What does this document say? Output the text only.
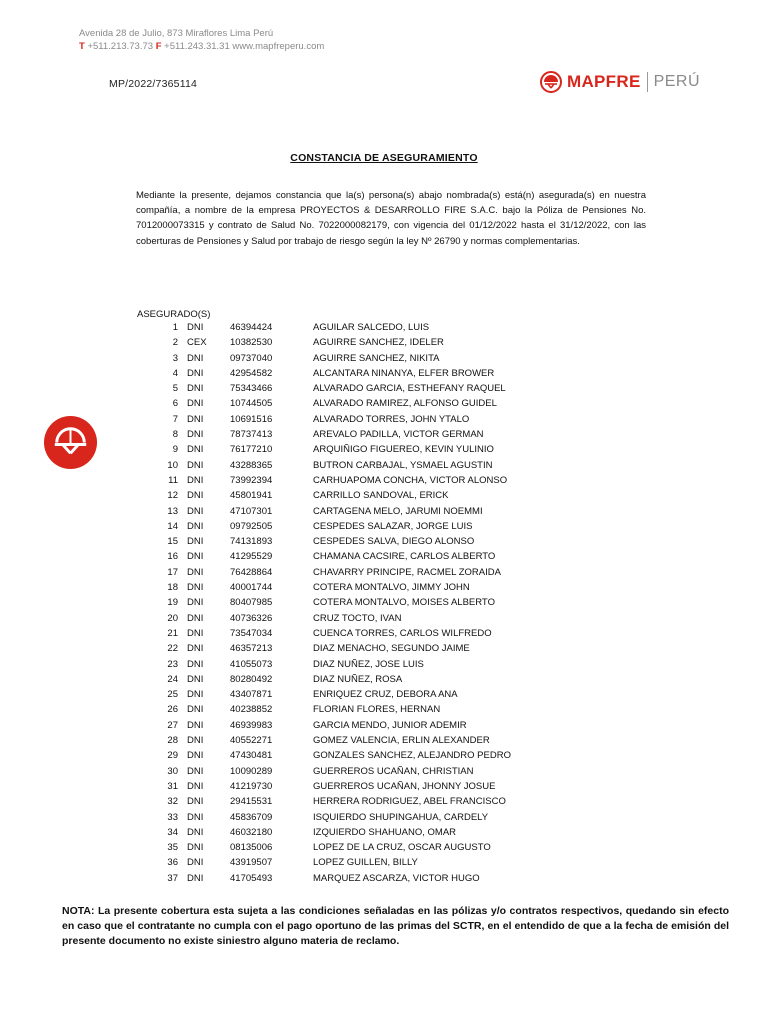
Avenida 28 de Julio, 873 Miraflores Lima Perú
T +511.213.73.73 F +511.243.31.31 www.mapfreperu.com
MP/2022/7365114	MAPFRE PERÚ
CONSTANCIA DE ASEGURAMIENTO
Mediante la presente, dejamos constancia que la(s) persona(s) abajo nombrada(s) está(n) asegurada(s) en nuestra compañía, a nombre de la empresa PROYECTOS & DESARROLLO FIRE S.A.C. bajo la Póliza de Pensiones No. 7012000073315 y contrato de Salud No. 7022000082179, con vigencia del 01/12/2022 hasta el 31/12/2022, con las coberturas de Pensiones y Salud por trabajo de riesgo según la ley Nº 26790 y normas complementarias.
ASEGURADO(S)
1 DNI	46394424	AGUILAR SALCEDO, LUIS
2 CEX 10382530	AGUIRRE SANCHEZ, IDELER
3 DNI	09737040	AGUIRRE SANCHEZ, NIKITA
4 DNI	42954582	ALCANTARA NINANYA, ELFER BROWER
5 DNI	75343466	ALVARADO GARCIA, ESTHEFANY RAQUEL
6 DNI	10744505	ALVARADO RAMIREZ, ALFONSO GUIDEL
7 DNI	10691516	ALVARADO TORRES, JOHN YTALO
8 DNI	78737413	AREVALO PADILLA, VICTOR GERMAN
9 DNI	76177210	ARQUIÑIGO FIGUEREO, KEVIN YULINIO
10 DNI	43288365	BUTRON CARBAJAL, YSMAEL AGUSTIN
11 DNI	73992394	CARHUAPOMA CONCHA, VICTOR ALONSO
12 DNI	45801941	CARRILLO SANDOVAL, ERICK
13 DNI	47107301	CARTAGENA MELO, JARUMI NOEMMI
14 DNI	09792505	CESPEDES SALAZAR, JORGE LUIS
15 DNI	74131893	CESPEDES SALVA, DIEGO ALONSO
16 DNI	41295529	CHAMANA CACSIRE, CARLOS ALBERTO
17 DNI	76428864	CHAVARRY PRINCIPE, RACMEL ZORAIDA
18 DNI	40001744	COTERA MONTALVO, JIMMY JOHN
19 DNI	80407985	COTERA MONTALVO, MOISES ALBERTO
20 DNI	40736326	CRUZ TOCTO, IVAN
21 DNI	73547034	CUENCA TORRES, CARLOS WILFREDO
22 DNI	46357213	DIAZ MENACHO, SEGUNDO JAIME
23 DNI	41055073	DIAZ NUÑEZ, JOSE LUIS
24 DNI	80280492	DIAZ NUÑEZ, ROSA
25 DNI	43407871	ENRIQUEZ CRUZ, DEBORA ANA
26 DNI	40238852	FLORIAN FLORES, HERNAN
27 DNI	46939983	GARCIA MENDO, JUNIOR ADEMIR
28 DNI	40552271	GOMEZ VALENCIA, ERLIN ALEXANDER
29 DNI	47430481	GONZALES SANCHEZ, ALEJANDRO PEDRO
30 DNI	10090289	GUERREROS UCAÑAN, CHRISTIAN
31 DNI	41219730	GUERREROS UCAÑAN, JHONNY JOSUE
32 DNI	29415531	HERRERA RODRIGUEZ, ABEL FRANCISCO
33 DNI	45836709	ISQUIERDO SHUPINGAHUA, CARDELY
34 DNI	46032180	IZQUIERDO SHAHUANO, OMAR
35 DNI	08135006	LOPEZ DE LA CRUZ, OSCAR AUGUSTO
36 DNI	43919507	LOPEZ GUILLEN, BILLY
37 DNI	41705493	MARQUEZ ASCARZA, VICTOR HUGO
NOTA: La presente cobertura esta sujeta a las condiciones señaladas en las pólizas y/o contratos respectivos, quedando sin efecto en caso que el contratante no cumpla con el pago oportuno de las primas del SCTR, en el entendido de que a la fecha de emisión del presente documento no existe siniestro alguno materia de reclamo.
